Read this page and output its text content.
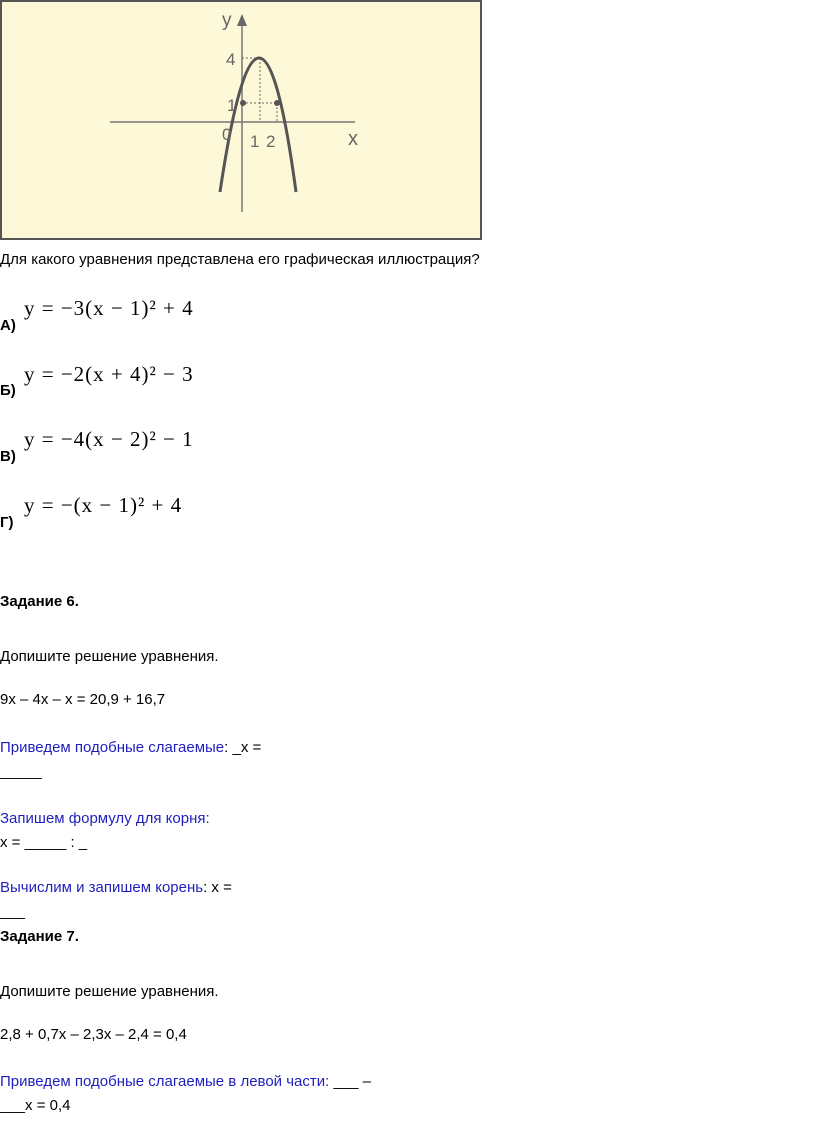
y
x
0 1 2
4
1
Для какого уравнения представлена его графическая иллюстрация?
А)
y = −3(x − 1)² + 4
Б)
y = −2(x + 4)² − 3
В)
y = −4(x − 2)² − 1
Г)
y = −(x − 1)² + 4
Задание 6.
Допишите решение уравнения.
9x – 4x – x = 20,9 + 16,7
Приведем подобные слагаемые: _x =
_____
Запишем формулу для корня:
x = _____ : _
Вычислим и запишем корень: x =
___
Задание 7.
Допишите решение уравнения.
2,8 + 0,7x – 2,3x – 2,4 = 0,4
Приведем подобные слагаемые в левой части: ___ –
___x = 0,4
